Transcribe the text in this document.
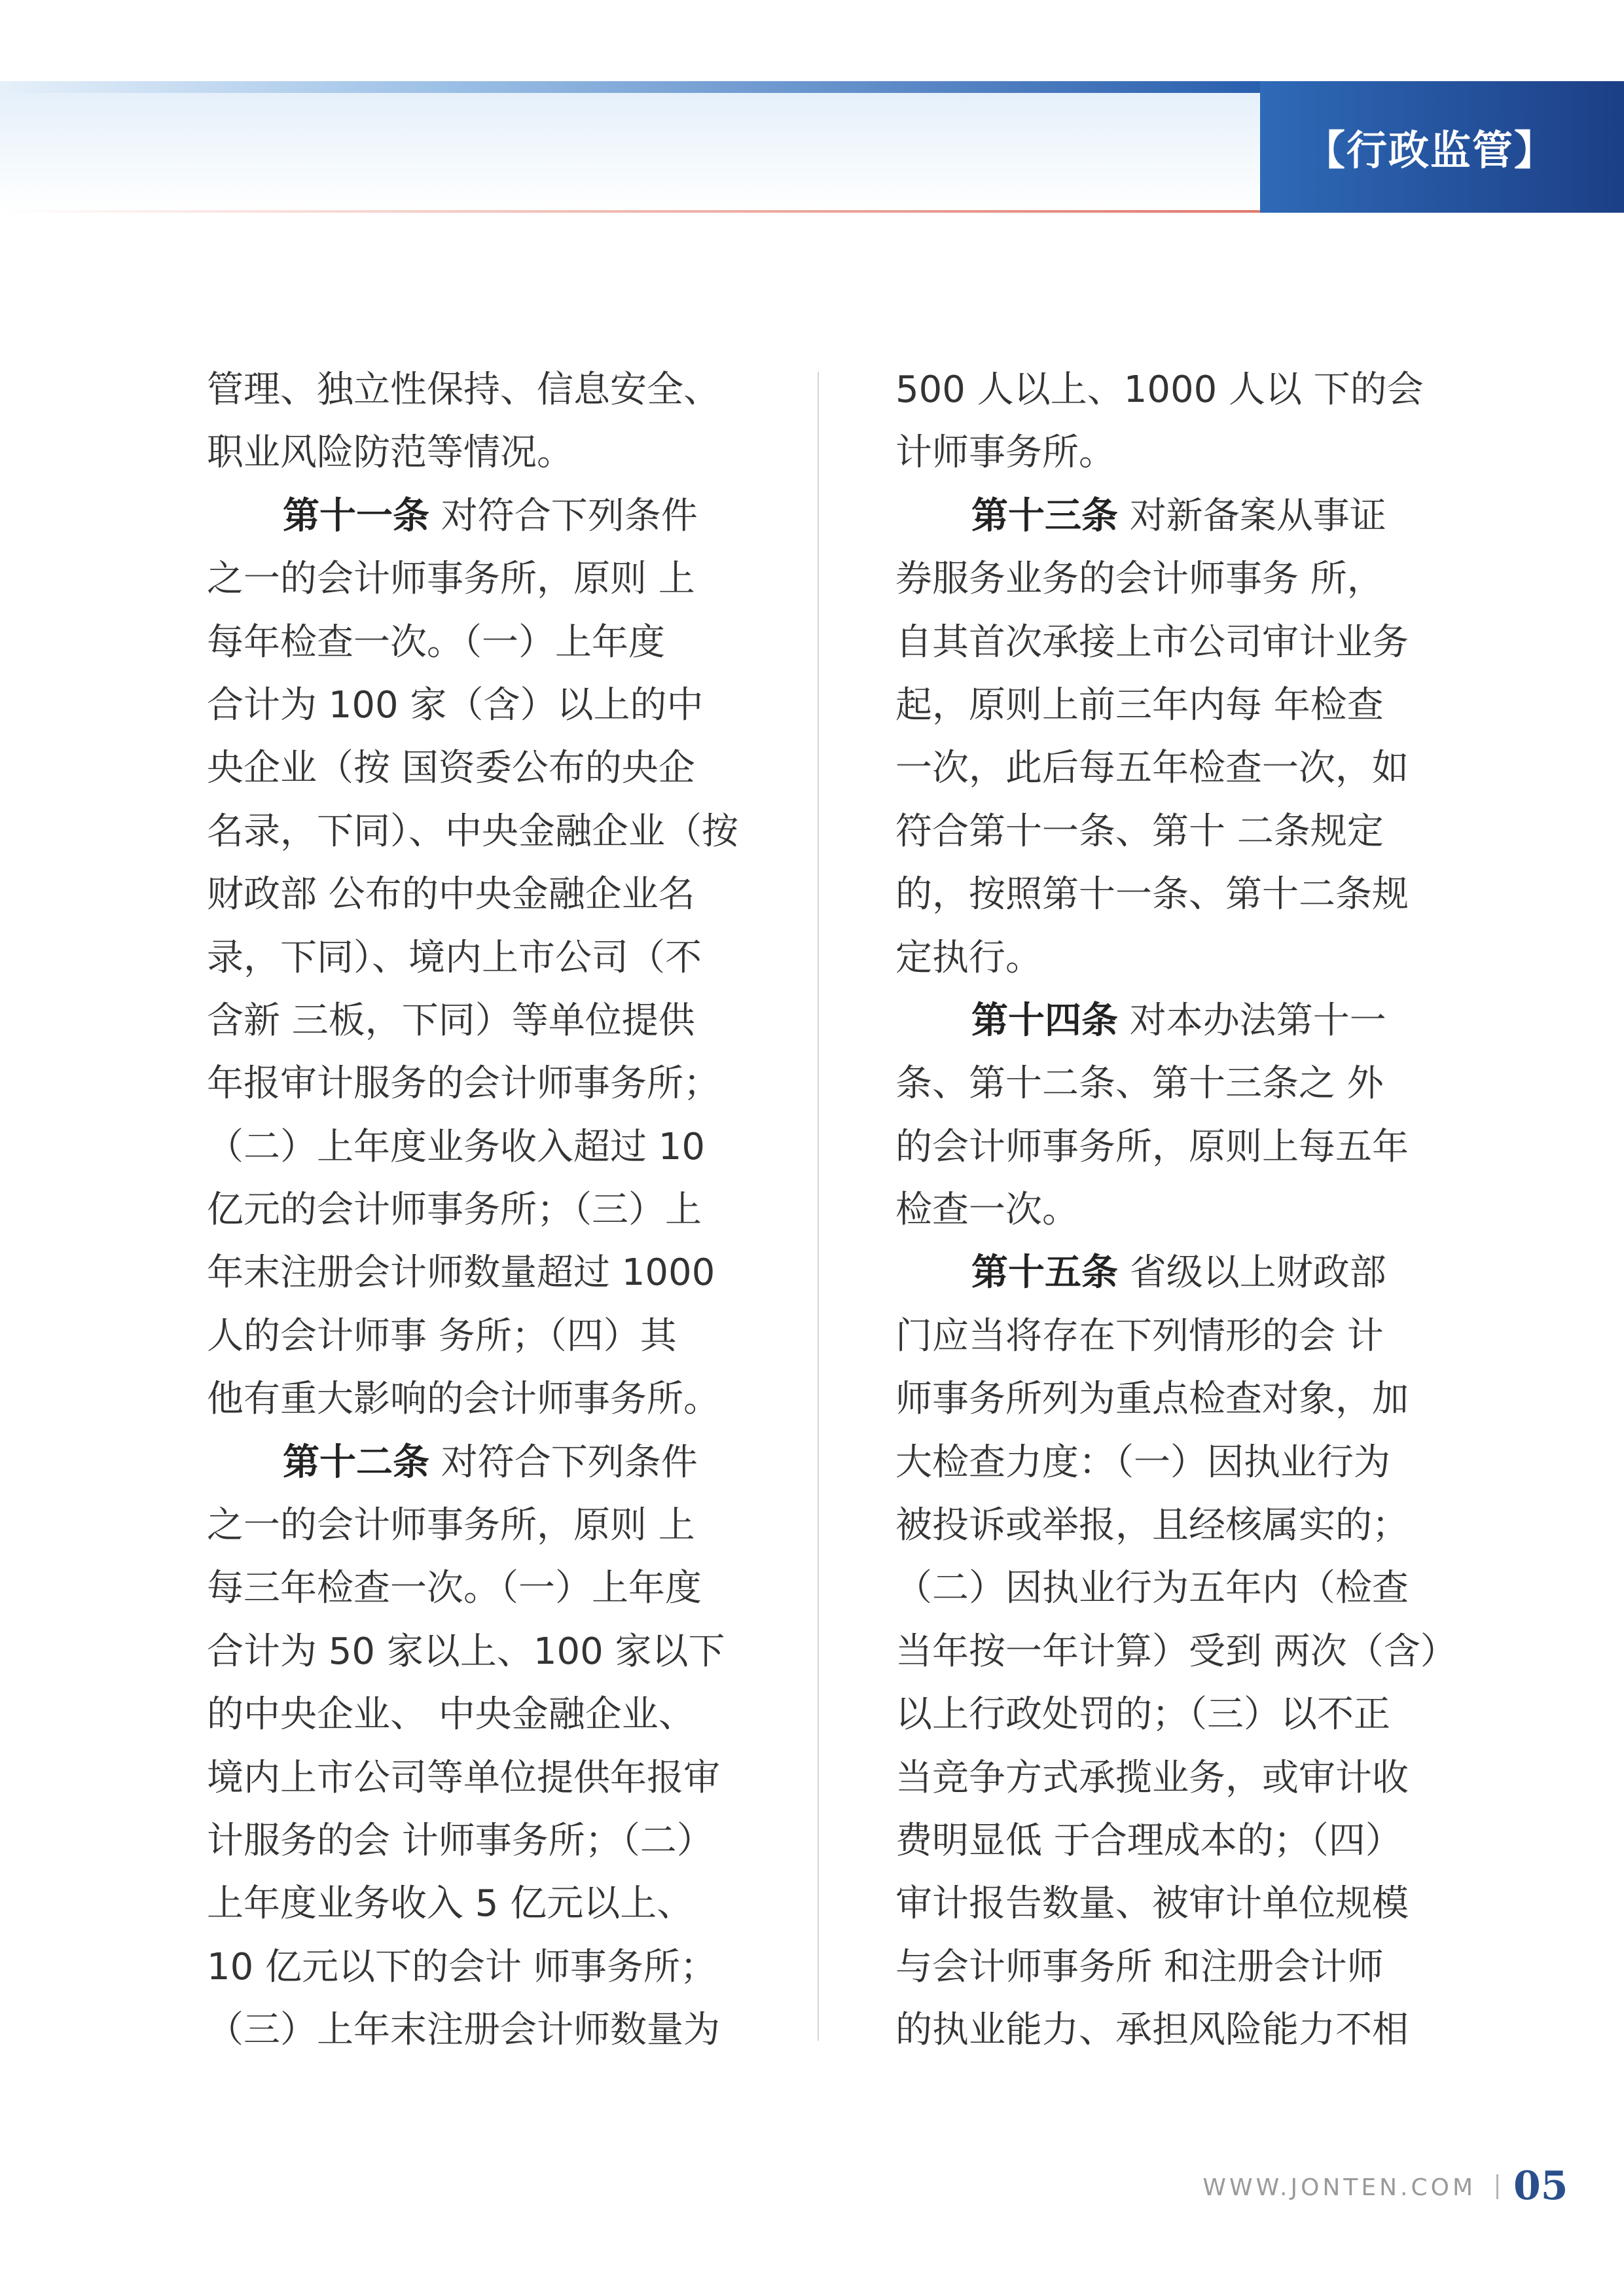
【行政监管】
管理、独立性保持、信息安全、
职业风险防范等情况。
第十一条 对符合下列条件
之一的会计师事务所，原则 上
每年检查一次。（一）上年度
合计为 100 家（含）以上的中
央企业（按 国资委公布的央企
名录，下同）、中央金融企业（按
财政部 公布的中央金融企业名
录，下同）、境内上市公司（不
含新 三板，下同）等单位提供
年报审计服务的会计师事务所；
（二）上年度业务收入超过 10
亿元的会计师事务所；（三）上
年末注册会计师数量超过 1000
人的会计师事 务所；（四）其
他有重大影响的会计师事务所。
第十二条 对符合下列条件
之一的会计师事务所，原则 上
每三年检查一次。（一）上年度
合计为 50 家以上、100 家以下
的中央企业、 中央金融企业、
境内上市公司等单位提供年报审
计服务的会 计师事务所；（二）
上年度业务收入 5 亿元以上、
10 亿元以下的会计 师事务所；
（三）上年末注册会计师数量为
500 人以上、1000 人以 下的会
计师事务所。
第十三条 对新备案从事证
券服务业务的会计师事务 所，
自其首次承接上市公司审计业务
起，原则上前三年内每 年检查
一次，此后每五年检查一次，如
符合第十一条、第十 二条规定
的，按照第十一条、第十二条规
定执行。
第十四条 对本办法第十一
条、第十二条、第十三条之 外
的会计师事务所，原则上每五年
检查一次。
第十五条 省级以上财政部
门应当将存在下列情形的会 计
师事务所列为重点检查对象，加
大检查力度：（一）因执业行为
被投诉或举报，且经核属实的；
（二）因执业行为五年内（检查
当年按一年计算）受到 两次（含）
以上行政处罚的；（三）以不正
当竞争方式承揽业务，或审计收
费明显低 于合理成本的；（四）
审计报告数量、被审计单位规模
与会计师事务所 和注册会计师
的执业能力、承担风险能力不相
WWW.JONTEN.COM 05
